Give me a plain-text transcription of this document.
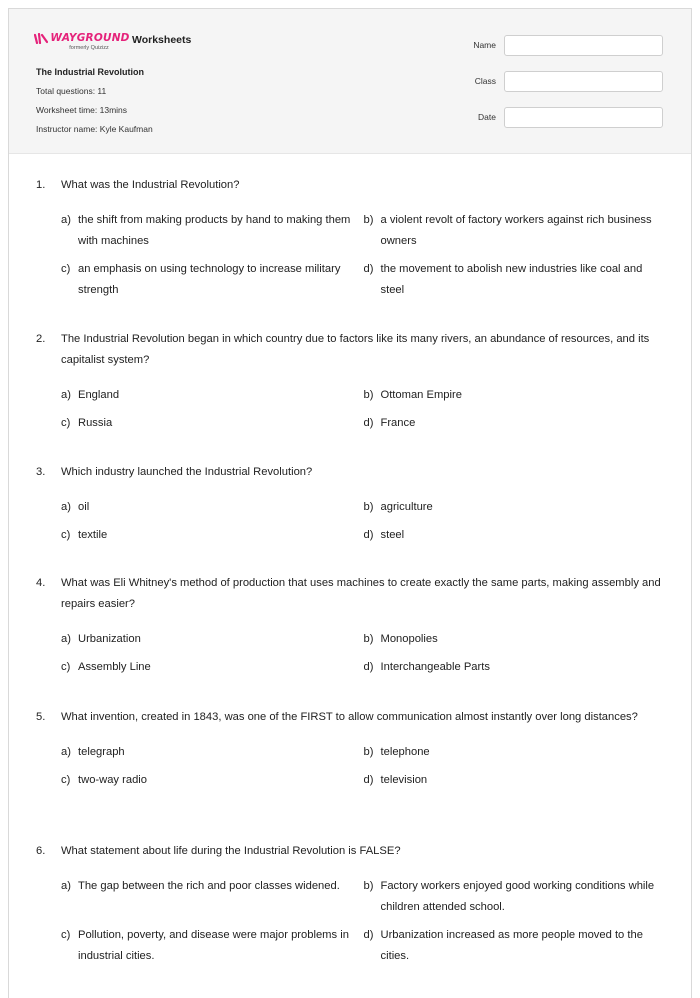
WAYGROUND
formerly Quizizz
Worksheets
The Industrial Revolution
Total questions: 11
Worksheet time: 13mins
Instructor name: Kyle Kaufman
Name
Class
Date
1. What was the Industrial Revolution?
a) the shift from making products by hand to making them with machines
b) a violent revolt of factory workers against rich business owners
c) an emphasis on using technology to increase military strength
d) the movement to abolish new industries like coal and steel
2. The Industrial Revolution began in which country due to factors like its many rivers, an abundance of resources, and its capitalist system?
a) England	b) Ottoman Empire
c) Russia	d) France
3. Which industry launched the Industrial Revolution?
a) oil	b) agriculture
c) textile	d) steel
4. What was Eli Whitney's method of production that uses machines to create exactly the same parts, making assembly and repairs easier?
a) Urbanization	b) Monopolies
c) Assembly Line	d) Interchangeable Parts
5. What invention, created in 1843, was one of the FIRST to allow communication almost instantly over long distances?
a) telegraph	b) telephone
c) two-way radio	d) television
6. What statement about life during the Industrial Revolution is FALSE?
a) The gap between the rich and poor classes widened.	b) Factory workers enjoyed good working conditions while children attended school.
c) Pollution, poverty, and disease were major problems in industrial cities.
d) Urbanization increased as more people moved to the cities.
